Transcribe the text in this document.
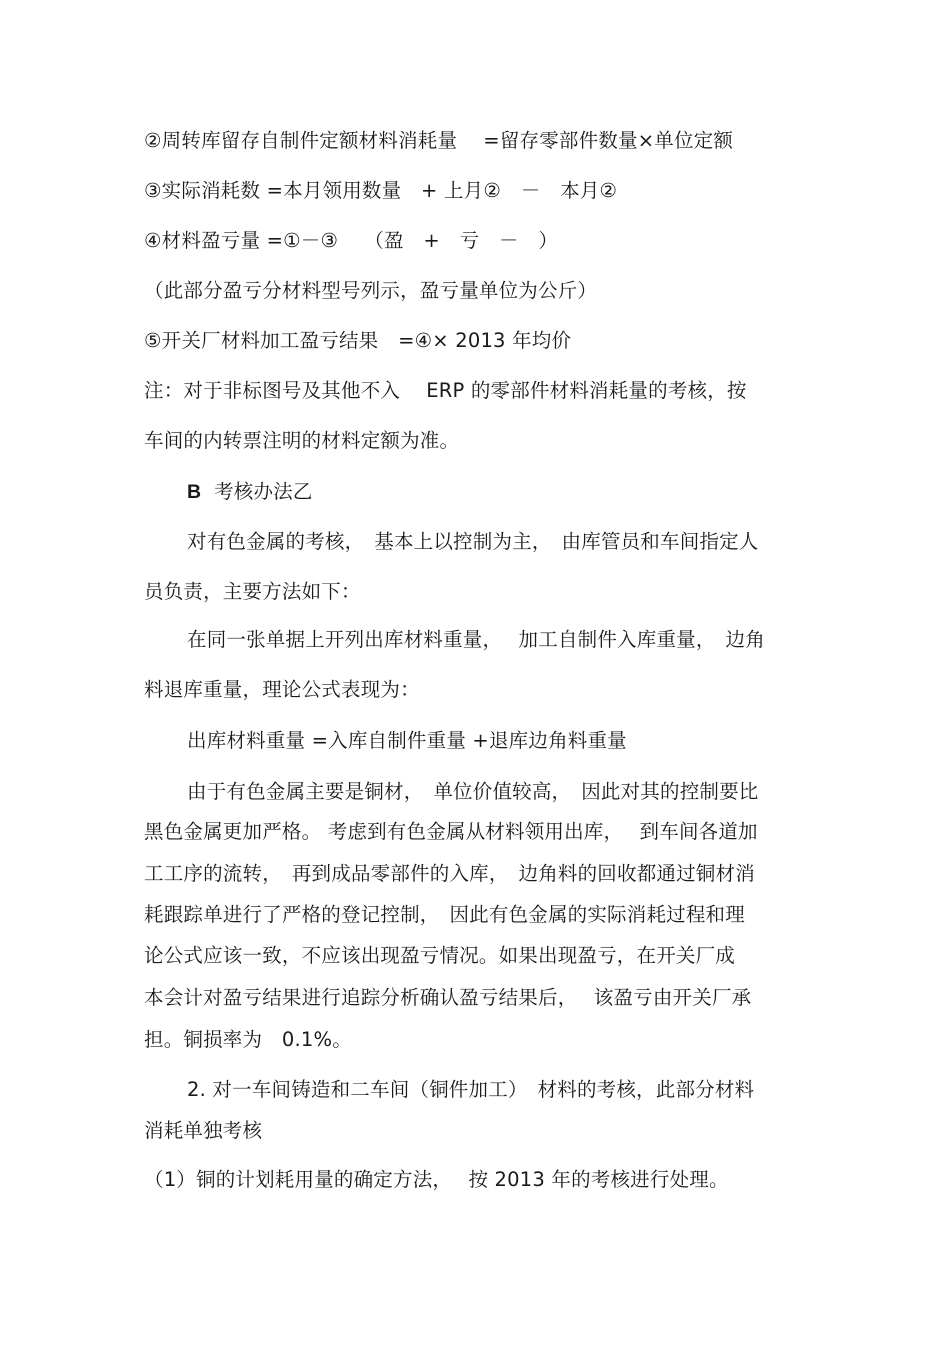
②周转库留存自制件定额材料消耗量　 =留存零部件数量×单位定额

③实际消耗数 =本月领用数量　+ 上月②　－　本月②

④材料盈亏量 =①－③　 （盈　+　亏　－　）

（此部分盈亏分材料型号列示，盈亏量单位为公斤）

⑤开关厂材料加工盈亏结果　=④× 2013 年均价

注：对于非标图号及其他不入　 ERP 的零部件材料消耗量的考核，按

车间的内转票注明的材料定额为准。

B 考核办法乙

对有色金属的考核，　基本上以控制为主，　由库管员和车间指定人

员负责，主要方法如下：

在同一张单据上开列出库材料重量，　 加工自制件入库重量，　边角

料退库重量，理论公式表现为：

出库材料重量 =入库自制件重量 +退库边角料重量

由于有色金属主要是铜材，　单位价值较高，　因此对其的控制要比

黑色金属更加严格。 考虑到有色金属从材料领用出库，　 到车间各道加

工工序的流转，　再到成品零部件的入库，　边角料的回收都通过铜材消

耗跟踪单进行了严格的登记控制，　因此有色金属的实际消耗过程和理

论公式应该一致，不应该出现盈亏情况。如果出现盈亏，在开关厂成

本会计对盈亏结果进行追踪分析确认盈亏结果后，　 该盈亏由开关厂承

担。铜损率为　0.1%。

2. 对一车间铸造和二车间（铜件加工）　材料的考核，此部分材料

消耗单独考核

（1）铜的计划耗用量的确定方法，　 按 2013 年的考核进行处理。
